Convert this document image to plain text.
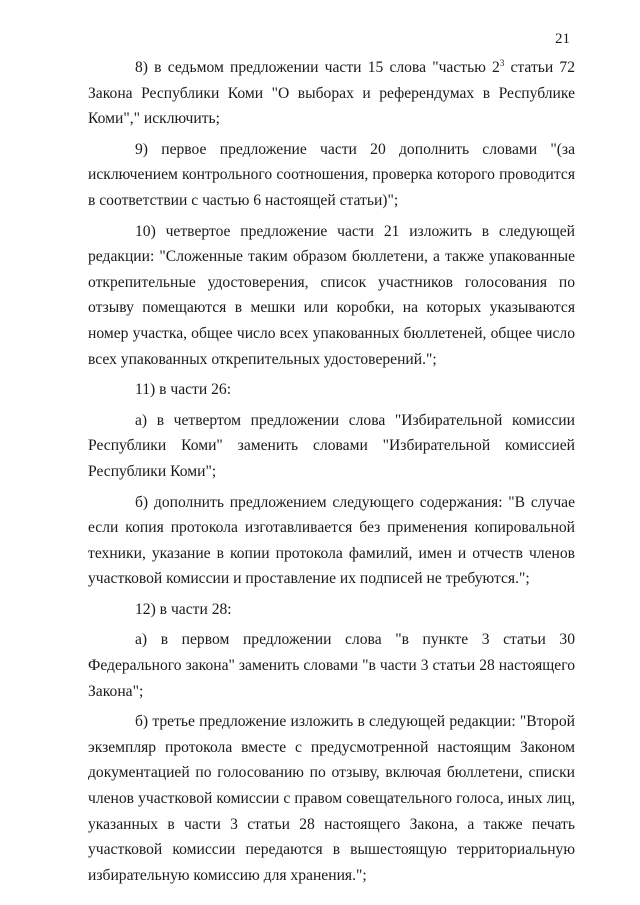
21

8) в седьмом предложении части 15 слова "частью $2^3$ статьи 72 Закона Республики Коми "О выборах и референдумах в Республике Коми"," исключить;

9) первое предложение части 20 дополнить словами "(за исключением контрольного соотношения, проверка которого проводится в соответствии с частью 6 настоящей статьи)";

10) четвертое предложение части 21 изложить в следующей редакции: "Сложенные таким образом бюллетени, а также упакованные открепительные удостоверения, список участников голосования по отзыву помещаются в мешки или коробки, на которых указываются номер участка, общее число всех упакованных бюллетеней, общее число всех упакованных открепительных удостоверений.";

11) в части 26:

а) в четвертом предложении слова "Избирательной комиссии Республики Коми" заменить словами "Избирательной комиссией Республики Коми";

б) дополнить предложением следующего содержания: "В случае если копия протокола изготавливается без применения копировальной техники, указание в копии протокола фамилий, имен и отчеств членов участковой комиссии и проставление их подписей не требуются.";

12) в части 28:

а) в первом предложении слова "в пункте 3 статьи 30 Федерального закона" заменить словами "в части 3 статьи 28 настоящего Закона";

б) третье предложение изложить в следующей редакции: "Второй экземпляр протокола вместе с предусмотренной настоящим Законом документацией по голосованию по отзыву, включая бюллетени, списки членов участковой комиссии с правом совещательного голоса, иных лиц, указанных в части 3 статьи 28 настоящего Закона, а также печать участковой комиссии передаются в вышестоящую территориальную избирательную комиссию для хранения.";
